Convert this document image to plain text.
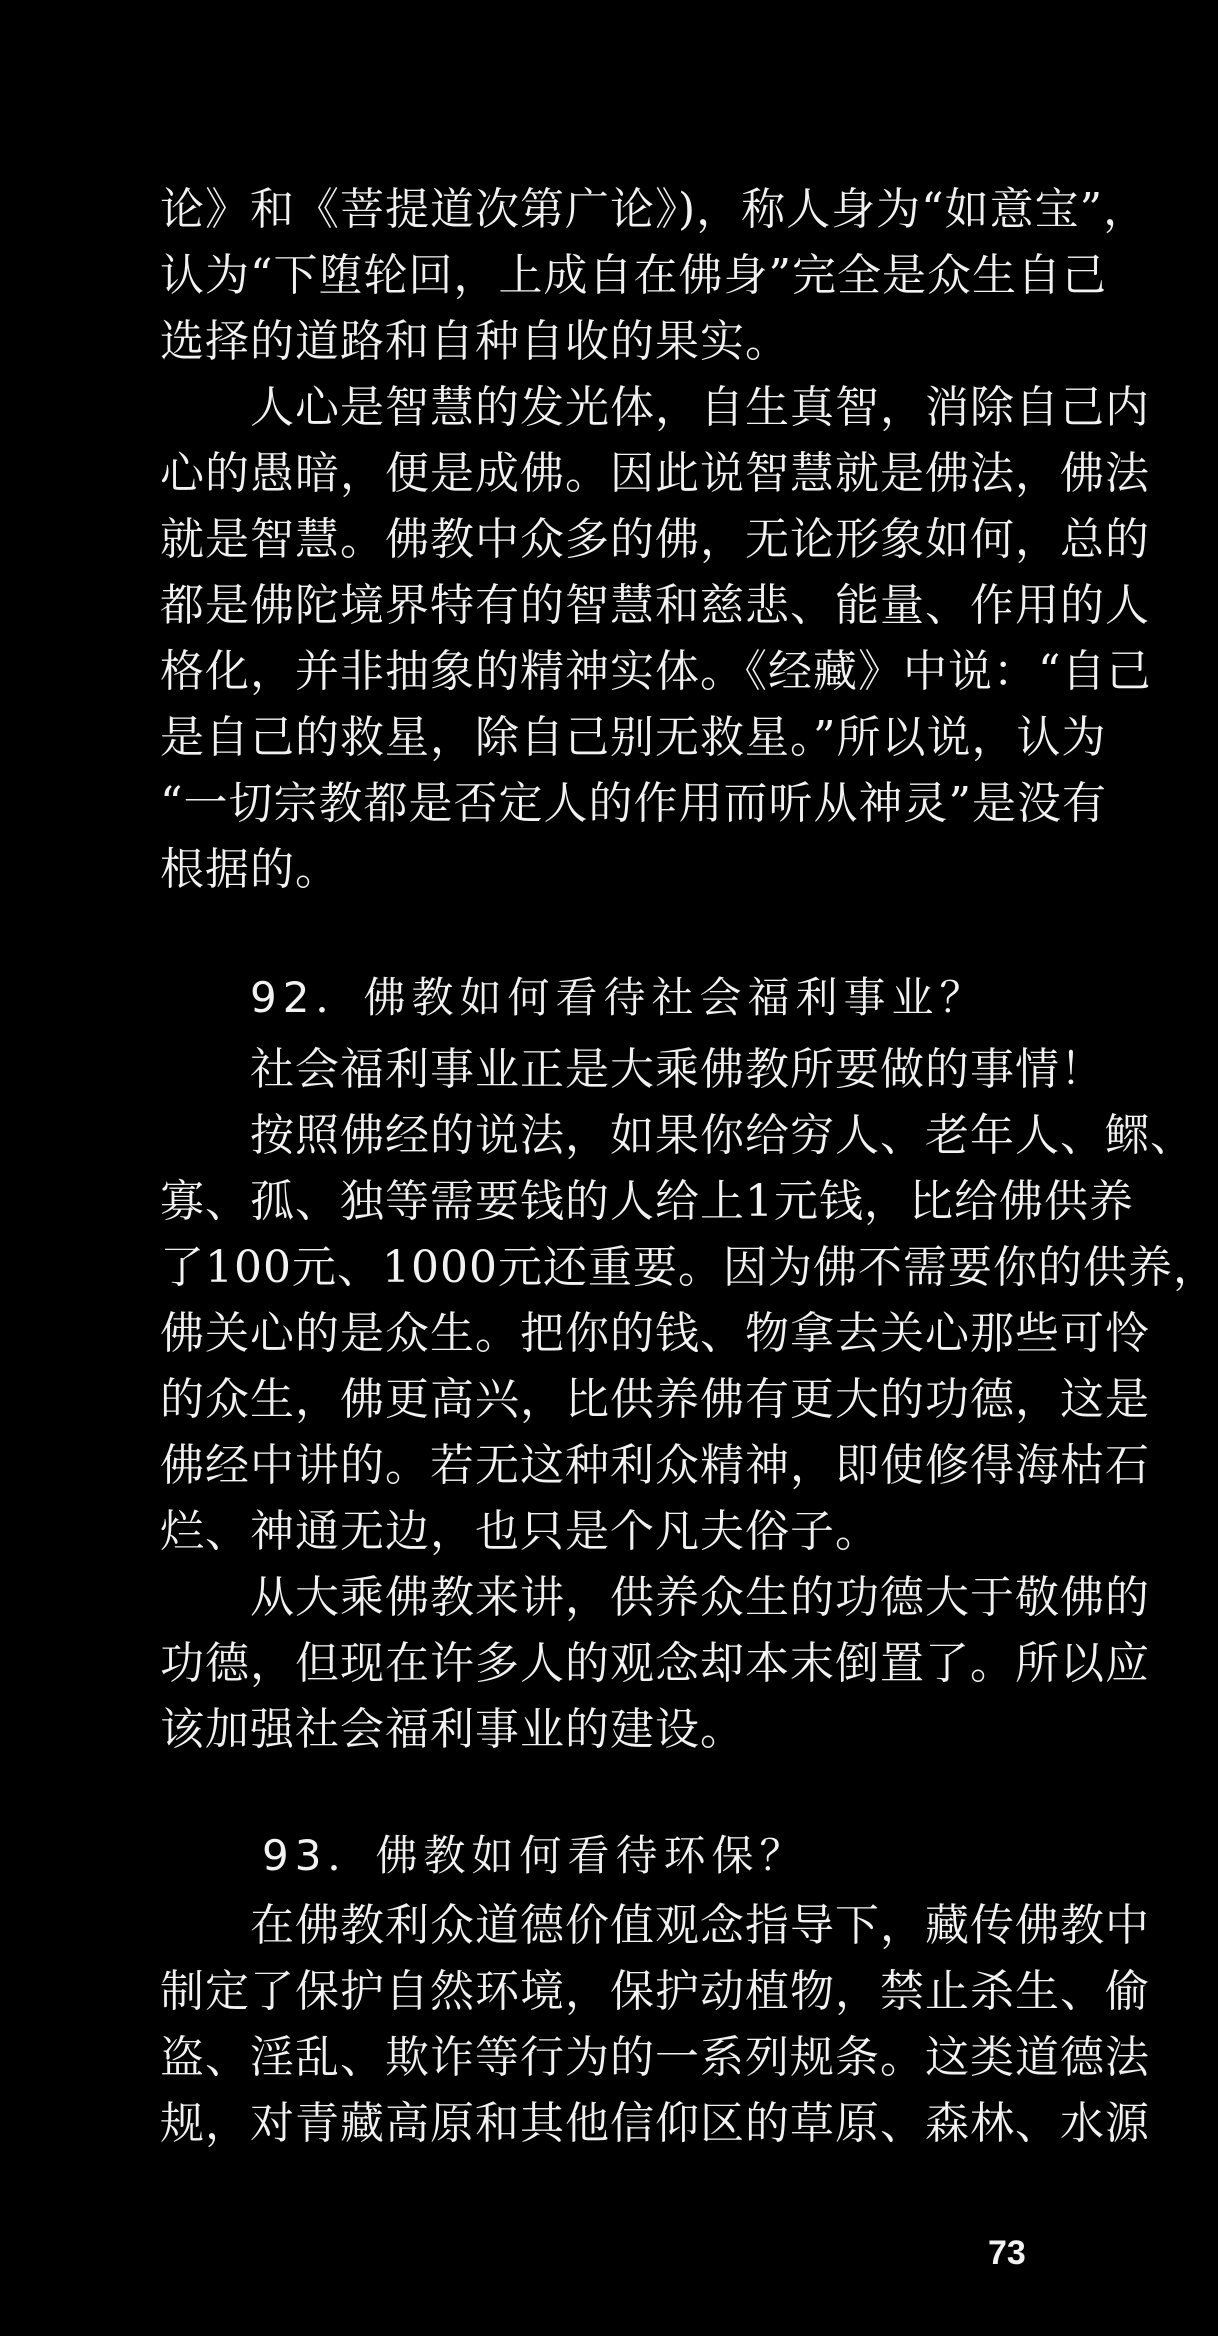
论》和《菩提道次第广论》)，称人身为“如意宝”，
认为“下堕轮回，上成自在佛身”完全是众生自己
选择的道路和自种自收的果实。
人心是智慧的发光体，自生真智，消除自己内
心的愚暗，便是成佛。因此说智慧就是佛法，佛法
就是智慧。佛教中众多的佛，无论形象如何，总的
都是佛陀境界特有的智慧和慈悲、能量、作用的人
格化，并非抽象的精神实体。《经藏》中说：“自己
是自己的救星，除自己别无救星。”所以说，认为
“一切宗教都是否定人的作用而听从神灵”是没有
根据的。
92．佛教如何看待社会福利事业？
社会福利事业正是大乘佛教所要做的事情！
按照佛经的说法，如果你给穷人、老年人、鳏、
寡、孤、独等需要钱的人给上1元钱，比给佛供养
了100元、1000元还重要。因为佛不需要你的供养，
佛关心的是众生。把你的钱、物拿去关心那些可怜
的众生，佛更高兴，比供养佛有更大的功德，这是
佛经中讲的。若无这种利众精神，即使修得海枯石
烂、神通无边，也只是个凡夫俗子。
从大乘佛教来讲，供养众生的功德大于敬佛的
功德，但现在许多人的观念却本末倒置了。所以应
该加强社会福利事业的建设。
93．佛教如何看待环保？
在佛教利众道德价值观念指导下，藏传佛教中
制定了保护自然环境，保护动植物，禁止杀生、偷
盗、淫乱、欺诈等行为的一系列规条。这类道德法
规，对青藏高原和其他信仰区的草原、森林、水源
73
